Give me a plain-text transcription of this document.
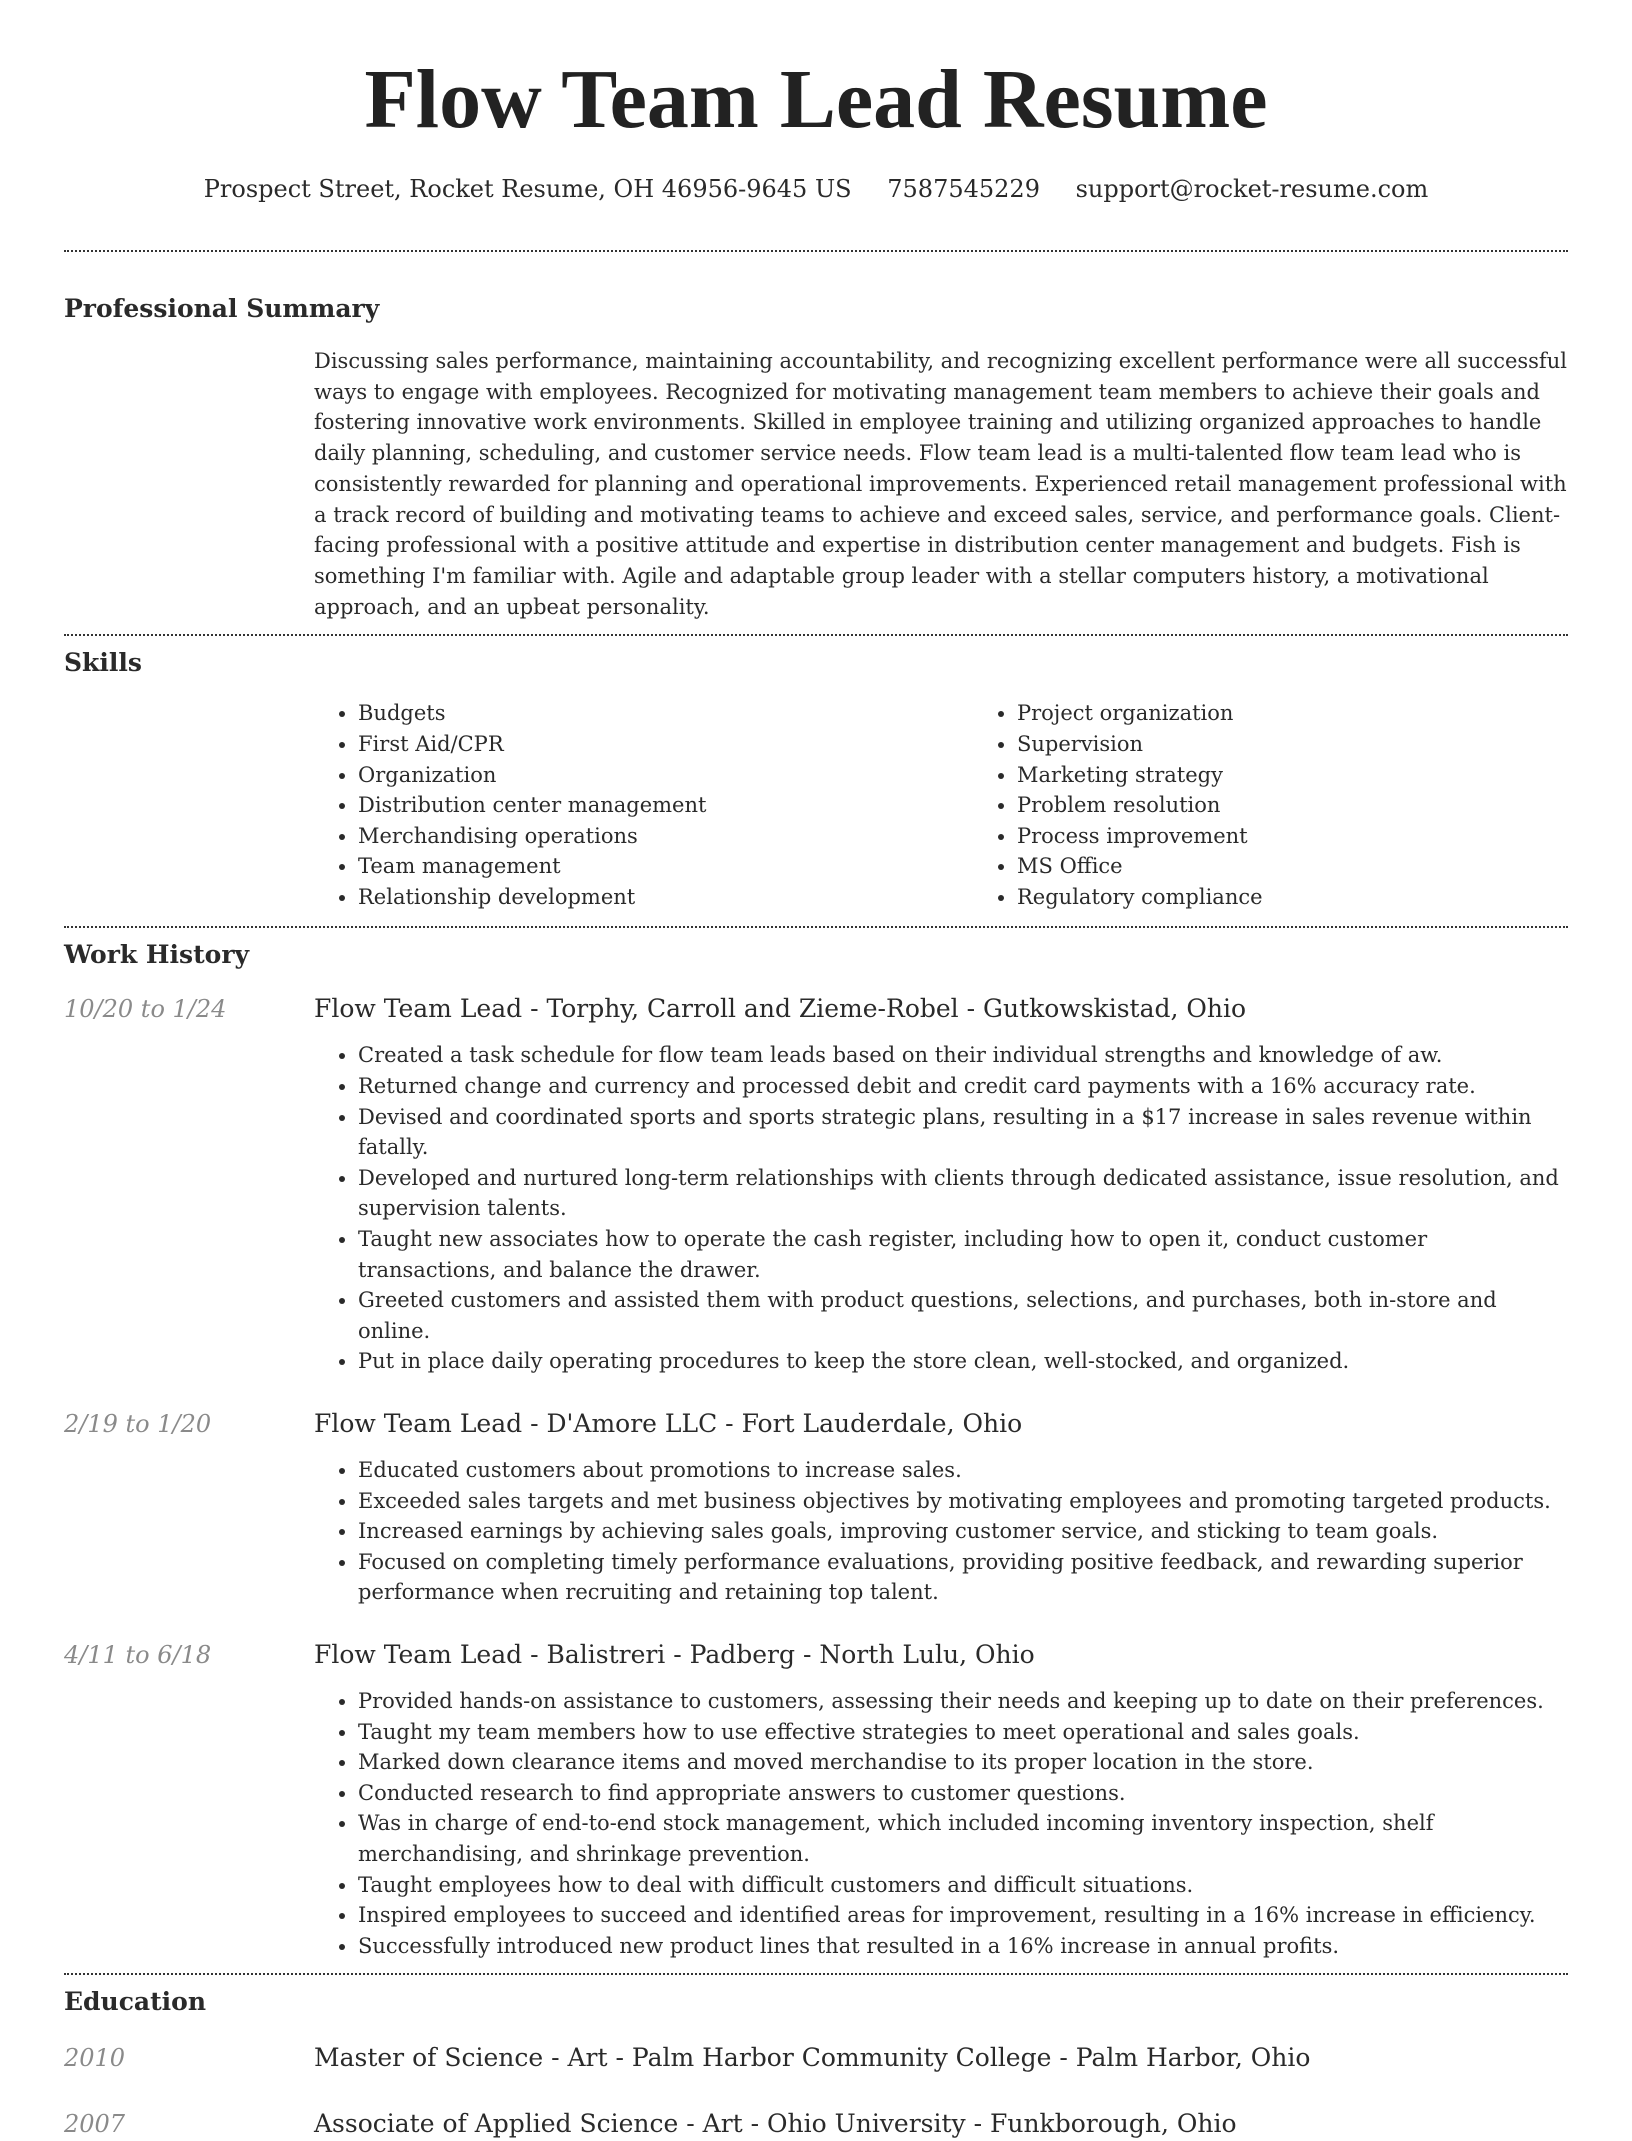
Flow Team Lead Resume
Prospect Street, Rocket Resume, OH 46956-9645 US 7587545229 support@rocket-resume.com
Professional Summary

Discussing sales performance, maintaining accountability, and recognizing excellent performance were all successful ways to engage with employees. Recognized for motivating management team members to achieve their goals and fostering innovative work environments. Skilled in employee training and utilizing organized approaches to handle daily planning, scheduling, and customer service needs. Flow team lead is a multi-talented flow team lead who is consistently rewarded for planning and operational improvements. Experienced retail management professional with a track record of building and motivating teams to achieve and exceed sales, service, and performance goals. Client-facing professional with a positive attitude and expertise in distribution center management and budgets. Fish is something I'm familiar with. Agile and adaptable group leader with a stellar computers history, a motivational approach, and an upbeat personality.

Skills
• Budgets
• First Aid/CPR
• Organization
• Distribution center management
• Merchandising operations
• Team management
• Relationship development
• Project organization
• Supervision
• Marketing strategy
• Problem resolution
• Process improvement
• MS Office
• Regulatory compliance
Work History
10/20 to 1/24	Flow Team Lead - Torphy, Carroll and Zieme-Robel - Gutkowskistad, Ohio
• Created a task schedule for flow team leads based on their individual strengths and knowledge of aw.
• Returned change and currency and processed debit and credit card payments with a 16% accuracy rate.
• Devised and coordinated sports and sports strategic plans, resulting in a $17 increase in sales revenue within fatally.
• Developed and nurtured long-term relationships with clients through dedicated assistance, issue resolution, and supervision talents.
• Taught new associates how to operate the cash register, including how to open it, conduct customer transactions, and balance the drawer.
• Greeted customers and assisted them with product questions, selections, and purchases, both in-store and online.
• Put in place daily operating procedures to keep the store clean, well-stocked, and organized.
2/19 to 1/20	Flow Team Lead - D'Amore LLC - Fort Lauderdale, Ohio
• Educated customers about promotions to increase sales.
• Exceeded sales targets and met business objectives by motivating employees and promoting targeted products.
• Increased earnings by achieving sales goals, improving customer service, and sticking to team goals.
• Focused on completing timely performance evaluations, providing positive feedback, and rewarding superior performance when recruiting and retaining top talent.
4/11 to 6/18	Flow Team Lead - Balistreri - Padberg - North Lulu, Ohio
• Provided hands-on assistance to customers, assessing their needs and keeping up to date on their preferences.
• Taught my team members how to use effective strategies to meet operational and sales goals.
• Marked down clearance items and moved merchandise to its proper location in the store.
• Conducted research to find appropriate answers to customer questions.
• Was in charge of end-to-end stock management, which included incoming inventory inspection, shelf merchandising, and shrinkage prevention.
• Taught employees how to deal with difficult customers and difficult situations.
• Inspired employees to succeed and identified areas for improvement, resulting in a 16% increase in efficiency.
• Successfully introduced new product lines that resulted in a 16% increase in annual profits.
Education
2010	Master of Science - Art - Palm Harbor Community College - Palm Harbor, Ohio
2007	Associate of Applied Science - Art - Ohio University - Funkborough, Ohio
